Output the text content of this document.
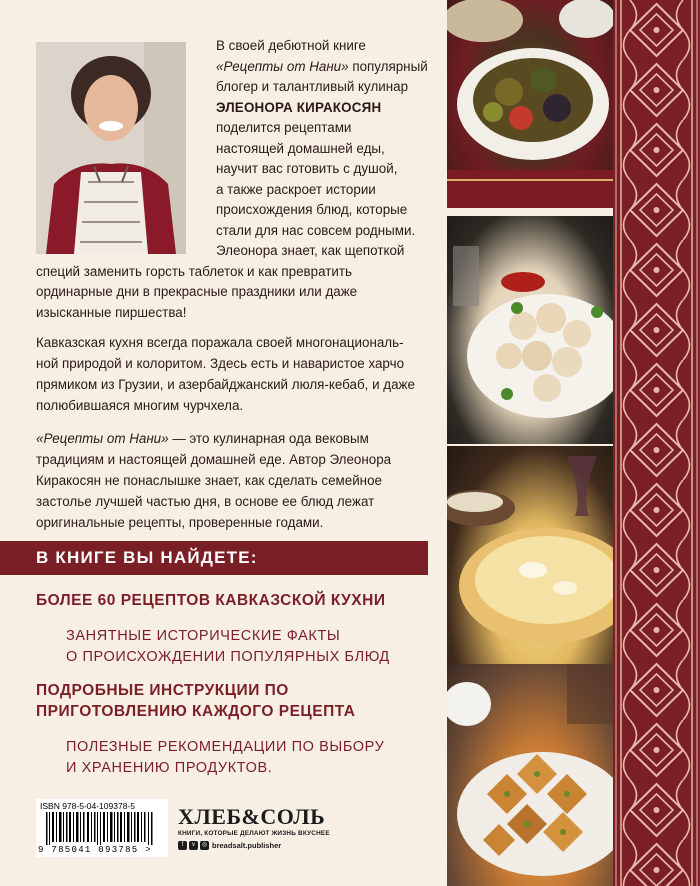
В своей дебютной книге
«Рецепты от Нани» популярный
блогер и талантливый кулинар
ЭЛЕОНОРА КИРАКОСЯН
поделится рецептами
настоящей домашней еды,
научит вас готовить с душой,
а также раскроет истории
происхождения блюд, которые
стали для нас совсем родными.
Элеонора знает, как щепоткой
специй заменить горсть таблеток и как превратить
ординарные дни в прекрасные праздники или даже
изысканные пиршества!
Кавказская кухня всегда поражала своей многонациональ-
ной природой и колоритом. Здесь есть и наваристое харчо
прямиком из Грузии, и азербайджанский люля-кебаб, и даже
полюбившаяся многим чурчхела.
«Рецепты от Нани» — это кулинарная ода вековым
традициям и настоящей домашней еде. Автор Элеонора
Киракосян не понаслышке знает, как сделать семейное
застолье лучшей частью дня, в основе ее блюд лежат
оригинальные рецепты, проверенные годами.
В КНИГЕ ВЫ НАЙДЕТЕ:
БОЛЕЕ 60 РЕЦЕПТОВ КАВКАЗСКОЙ КУХНИ
ЗАНЯТНЫЕ ИСТОРИЧЕСКИЕ ФАКТЫ
О ПРОИСХОЖДЕНИИ ПОПУЛЯРНЫХ БЛЮД
ПОДРОБНЫЕ ИНСТРУКЦИИ ПО
ПРИГОТОВЛЕНИЮ КАЖДОГО РЕЦЕПТА
ПОЛЕЗНЫЕ РЕКОМЕНДАЦИИ ПО ВЫБОРУ
И ХРАНЕНИЮ ПРОДУКТОВ.
ISBN 978-5-04-109378-5
9 785041 093785 >
ХЛЕБ&СОЛЬ
КНИГИ, КОТОРЫЕ ДЕЛАЮТ ЖИЗНЬ ВКУСНЕЕ
f	v	◎ breadsalt.publisher
